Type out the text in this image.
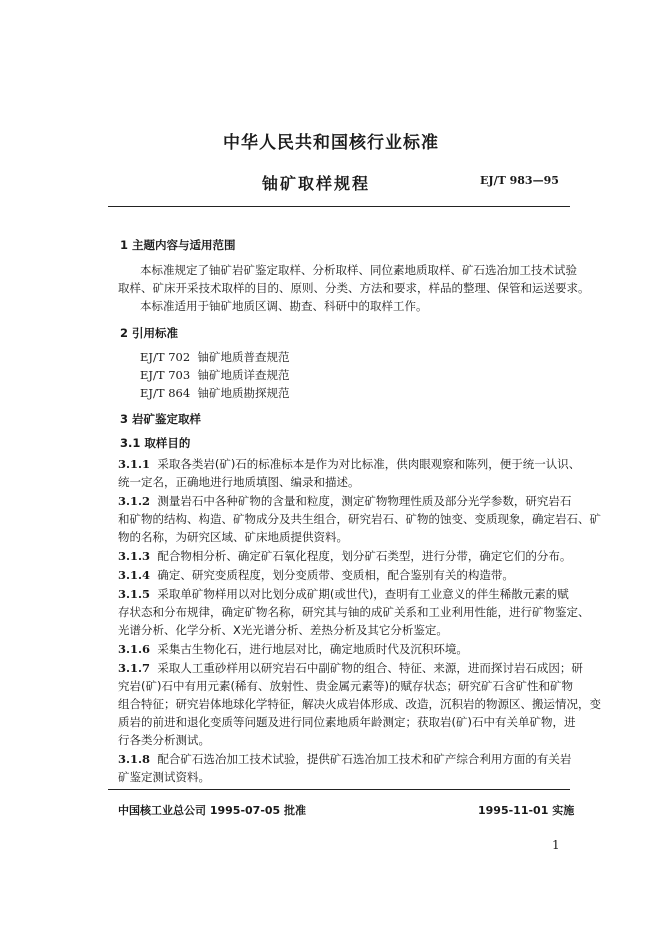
中华人民共和国核行业标准
铀矿取样规程	EJ/T 983—95
1 主题内容与适用范围
本标准规定了铀矿岩矿鉴定取样、分析取样、同位素地质取样、矿石选冶加工技术试验
取样、矿床开采技术取样的目的、原则、分类、方法和要求，样品的整理、保管和运送要求。
本标准适用于铀矿地质区调、勘查、科研中的取样工作。
2 引用标准
EJ/T 702 铀矿地质普查规范
EJ/T 703 铀矿地质详查规范
EJ/T 864 铀矿地质勘探规范
3 岩矿鉴定取样
3.1 取样目的
3.1.1 采取各类岩(矿)石的标准标本是作为对比标准，供肉眼观察和陈列，便于统一认识、
统一定名，正确地进行地质填图、编录和描述。
3.1.2 测量岩石中各种矿物的含量和粒度，测定矿物物理性质及部分光学参数，研究岩石
和矿物的结构、构造、矿物成分及共生组合，研究岩石、矿物的蚀变、变质现象，确定岩石、矿
物的名称，为研究区域、矿床地质提供资料。
3.1.3 配合物相分析、确定矿石氧化程度，划分矿石类型，进行分带，确定它们的分布。
3.1.4 确定、研究变质程度，划分变质带、变质相，配合鉴别有关的构造带。
3.1.5 采取单矿物样用以对比划分成矿期(或世代)，查明有工业意义的伴生稀散元素的赋
存状态和分布规律，确定矿物名称，研究其与铀的成矿关系和工业利用性能，进行矿物鉴定、
光谱分析、化学分析、X光光谱分析、差热分析及其它分析鉴定。
3.1.6 采集古生物化石，进行地层对比，确定地质时代及沉积环境。
3.1.7 采取人工重砂样用以研究岩石中副矿物的组合、特征、来源，进而探讨岩石成因；研
究岩(矿)石中有用元素(稀有、放射性、贵金属元素等)的赋存状态；研究矿石含矿性和矿物
组合特征；研究岩体地球化学特征，解决火成岩体形成、改造，沉积岩的物源区、搬运情况，变
质岩的前进和退化变质等问题及进行同位素地质年龄测定；获取岩(矿)石中有关单矿物，进
行各类分析测试。
3.1.8 配合矿石选冶加工技术试验，提供矿石选冶加工技术和矿产综合利用方面的有关岩
矿鉴定测试资料。
中国核工业总公司 1995-07-05 批准	1995-11-01 实施
1
